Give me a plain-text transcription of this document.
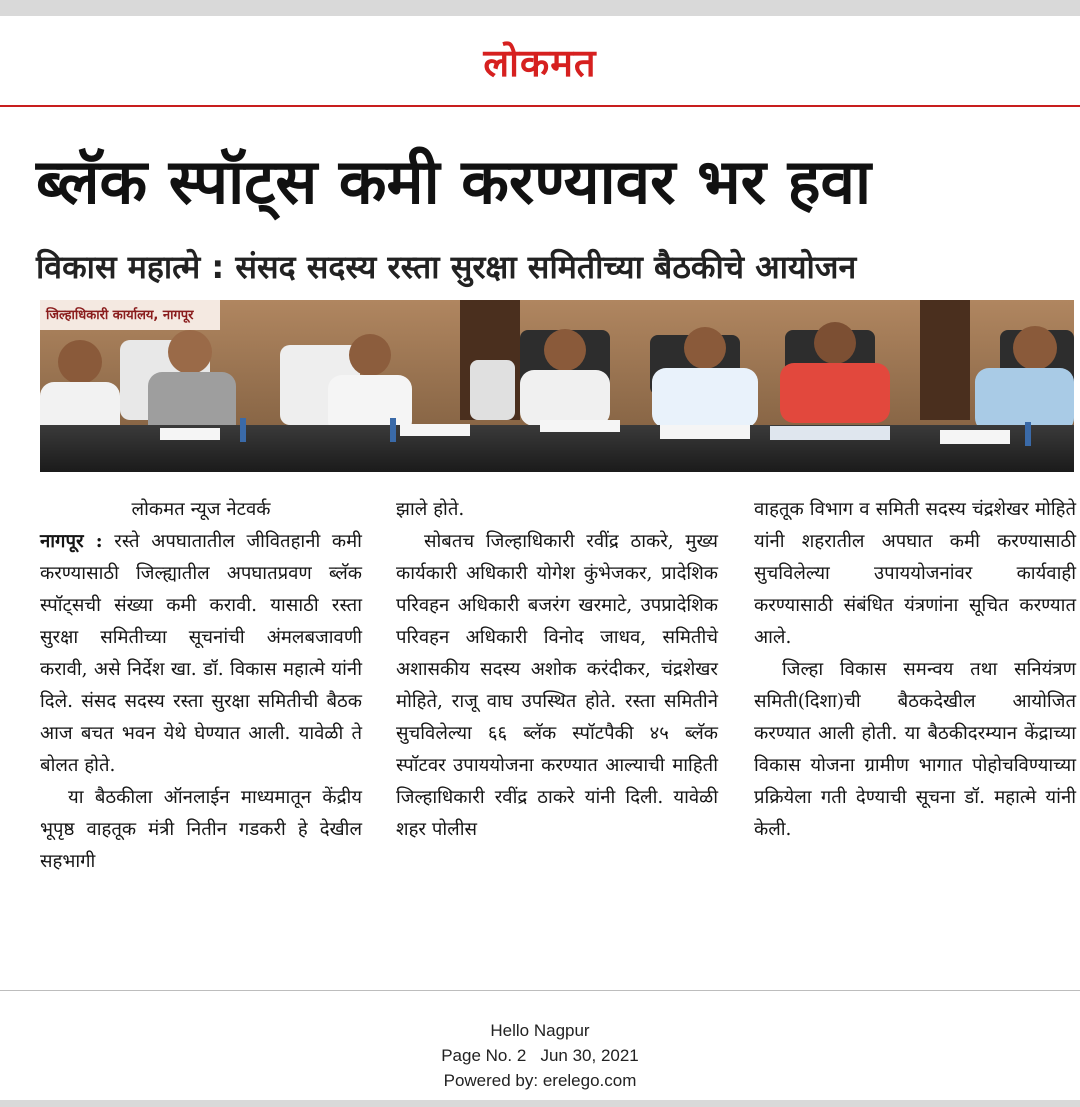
लोकमत
ब्लॅक स्पॉट्स कमी करण्यावर भर हवा
विकास महात्मे : संसद सदस्य रस्ता सुरक्षा समितीच्या बैठकीचे आयोजन
जिल्हाधिकारी कार्यालय, नागपूर

लोकमत न्यूज नेटवर्क

नागपूर : रस्ते अपघातातील जीवितहानी कमी करण्यासाठी जिल्ह्यातील अपघातप्रवण ब्लॅक स्पॉट्सची संख्या कमी करावी. यासाठी रस्ता सुरक्षा समितीच्या सूचनांची अंमलबजावणी करावी, असे निर्देश खा. डॉ. विकास महात्मे यांनी दिले. संसद सदस्य रस्ता सुरक्षा समितीची बैठक आज बचत भवन येथे घेण्यात आली. यावेळी ते बोलत होते.

या बैठकीला ऑनलाईन माध्यमातून केंद्रीय भूपृष्ठ वाहतूक मंत्री नितीन गडकरी हे देखील सहभागी

झाले होते.

सोबतच जिल्हाधिकारी रवींद्र ठाकरे, मुख्य कार्यकारी अधिकारी योगेश कुंभेजकर, प्रादेशिक परिवहन अधिकारी बजरंग खरमाटे, उपप्रादेशिक परिवहन अधिकारी विनोद जाधव, समितीचे अशासकीय सदस्य अशोक करंदीकर, चंद्रशेखर मोहिते, राजू वाघ उपस्थित होते. रस्ता समितीने सुचविलेल्या ६६ ब्लॅक स्पॉटपैकी ४५ ब्लॅक स्पॉटवर उपाययोजना करण्यात आल्याची माहिती जिल्हाधिकारी रवींद्र ठाकरे यांनी दिली. यावेळी शहर पोलीस

वाहतूक विभाग व समिती सदस्य चंद्रशेखर मोहिते यांनी शहरातील अपघात कमी करण्यासाठी सुचविलेल्या उपाययोजनांवर कार्यवाही करण्यासाठी संबंधित यंत्रणांना सूचित करण्यात आले.

जिल्हा विकास समन्वय तथा सनियंत्रण समिती(दिशा)ची बैठकदेखील आयोजित करण्यात आली होती. या बैठकीदरम्यान केंद्राच्या विकास योजना ग्रामीण भागात पोहोचविण्याच्या प्रक्रियेला गती देण्याची सूचना डॉ. महात्मे यांनी केली.

Hello Nagpur
Page No. 2 Jun 30, 2021
Powered by: erelego.com
